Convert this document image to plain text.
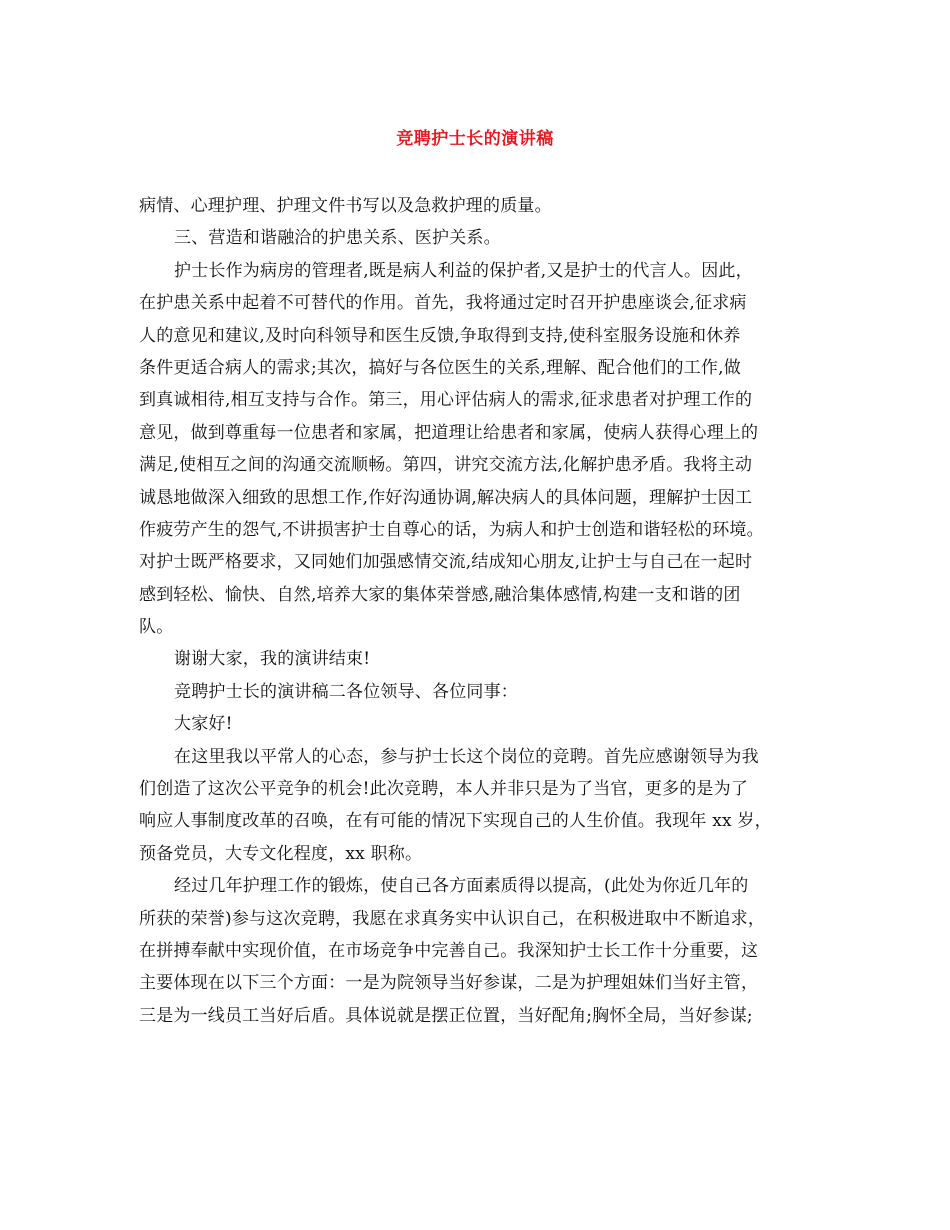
竞聘护士长的演讲稿
病情、心理护理、护理文件书写以及急救护理的质量。
三、营造和谐融洽的护患关系、医护关系。
护士长作为病房的管理者,既是病人利益的保护者,又是护士的代言人。因此，
在护患关系中起着不可替代的作用。首先，我将通过定时召开护患座谈会,征求病
人的意见和建议,及时向科领导和医生反馈,争取得到支持,使科室服务设施和休养
条件更适合病人的需求;其次，搞好与各位医生的关系,理解、配合他们的工作,做
到真诚相待,相互支持与合作。第三，用心评估病人的需求,征求患者对护理工作的
意见，做到尊重每一位患者和家属，把道理让给患者和家属，使病人获得心理上的
满足,使相互之间的沟通交流顺畅。第四，讲究交流方法,化解护患矛盾。我将主动
诚恳地做深入细致的思想工作,作好沟通协调,解决病人的具体问题，理解护士因工
作疲劳产生的怨气,不讲损害护士自尊心的话，为病人和护士创造和谐轻松的环境。
对护士既严格要求，又同她们加强感情交流,结成知心朋友,让护士与自己在一起时
感到轻松、愉快、自然,培养大家的集体荣誉感,融洽集体感情,构建一支和谐的团
队。
谢谢大家，我的演讲结束!
竞聘护士长的演讲稿二各位领导、各位同事：
大家好!
在这里我以平常人的心态，参与护士长这个岗位的竞聘。首先应感谢领导为我
们创造了这次公平竞争的机会!此次竞聘，本人并非只是为了当官，更多的是为了
响应人事制度改革的召唤，在有可能的情况下实现自己的人生价值。我现年 xx 岁，
预备党员，大专文化程度，xx 职称。
经过几年护理工作的锻炼，使自己各方面素质得以提高，(此处为你近几年的
所获的荣誉)参与这次竞聘，我愿在求真务实中认识自己，在积极进取中不断追求，
在拼搏奉献中实现价值，在市场竞争中完善自己。我深知护士长工作十分重要，这
主要体现在以下三个方面：一是为院领导当好参谋，二是为护理姐妹们当好主管，
三是为一线员工当好后盾。具体说就是摆正位置，当好配角;胸怀全局，当好参谋;
